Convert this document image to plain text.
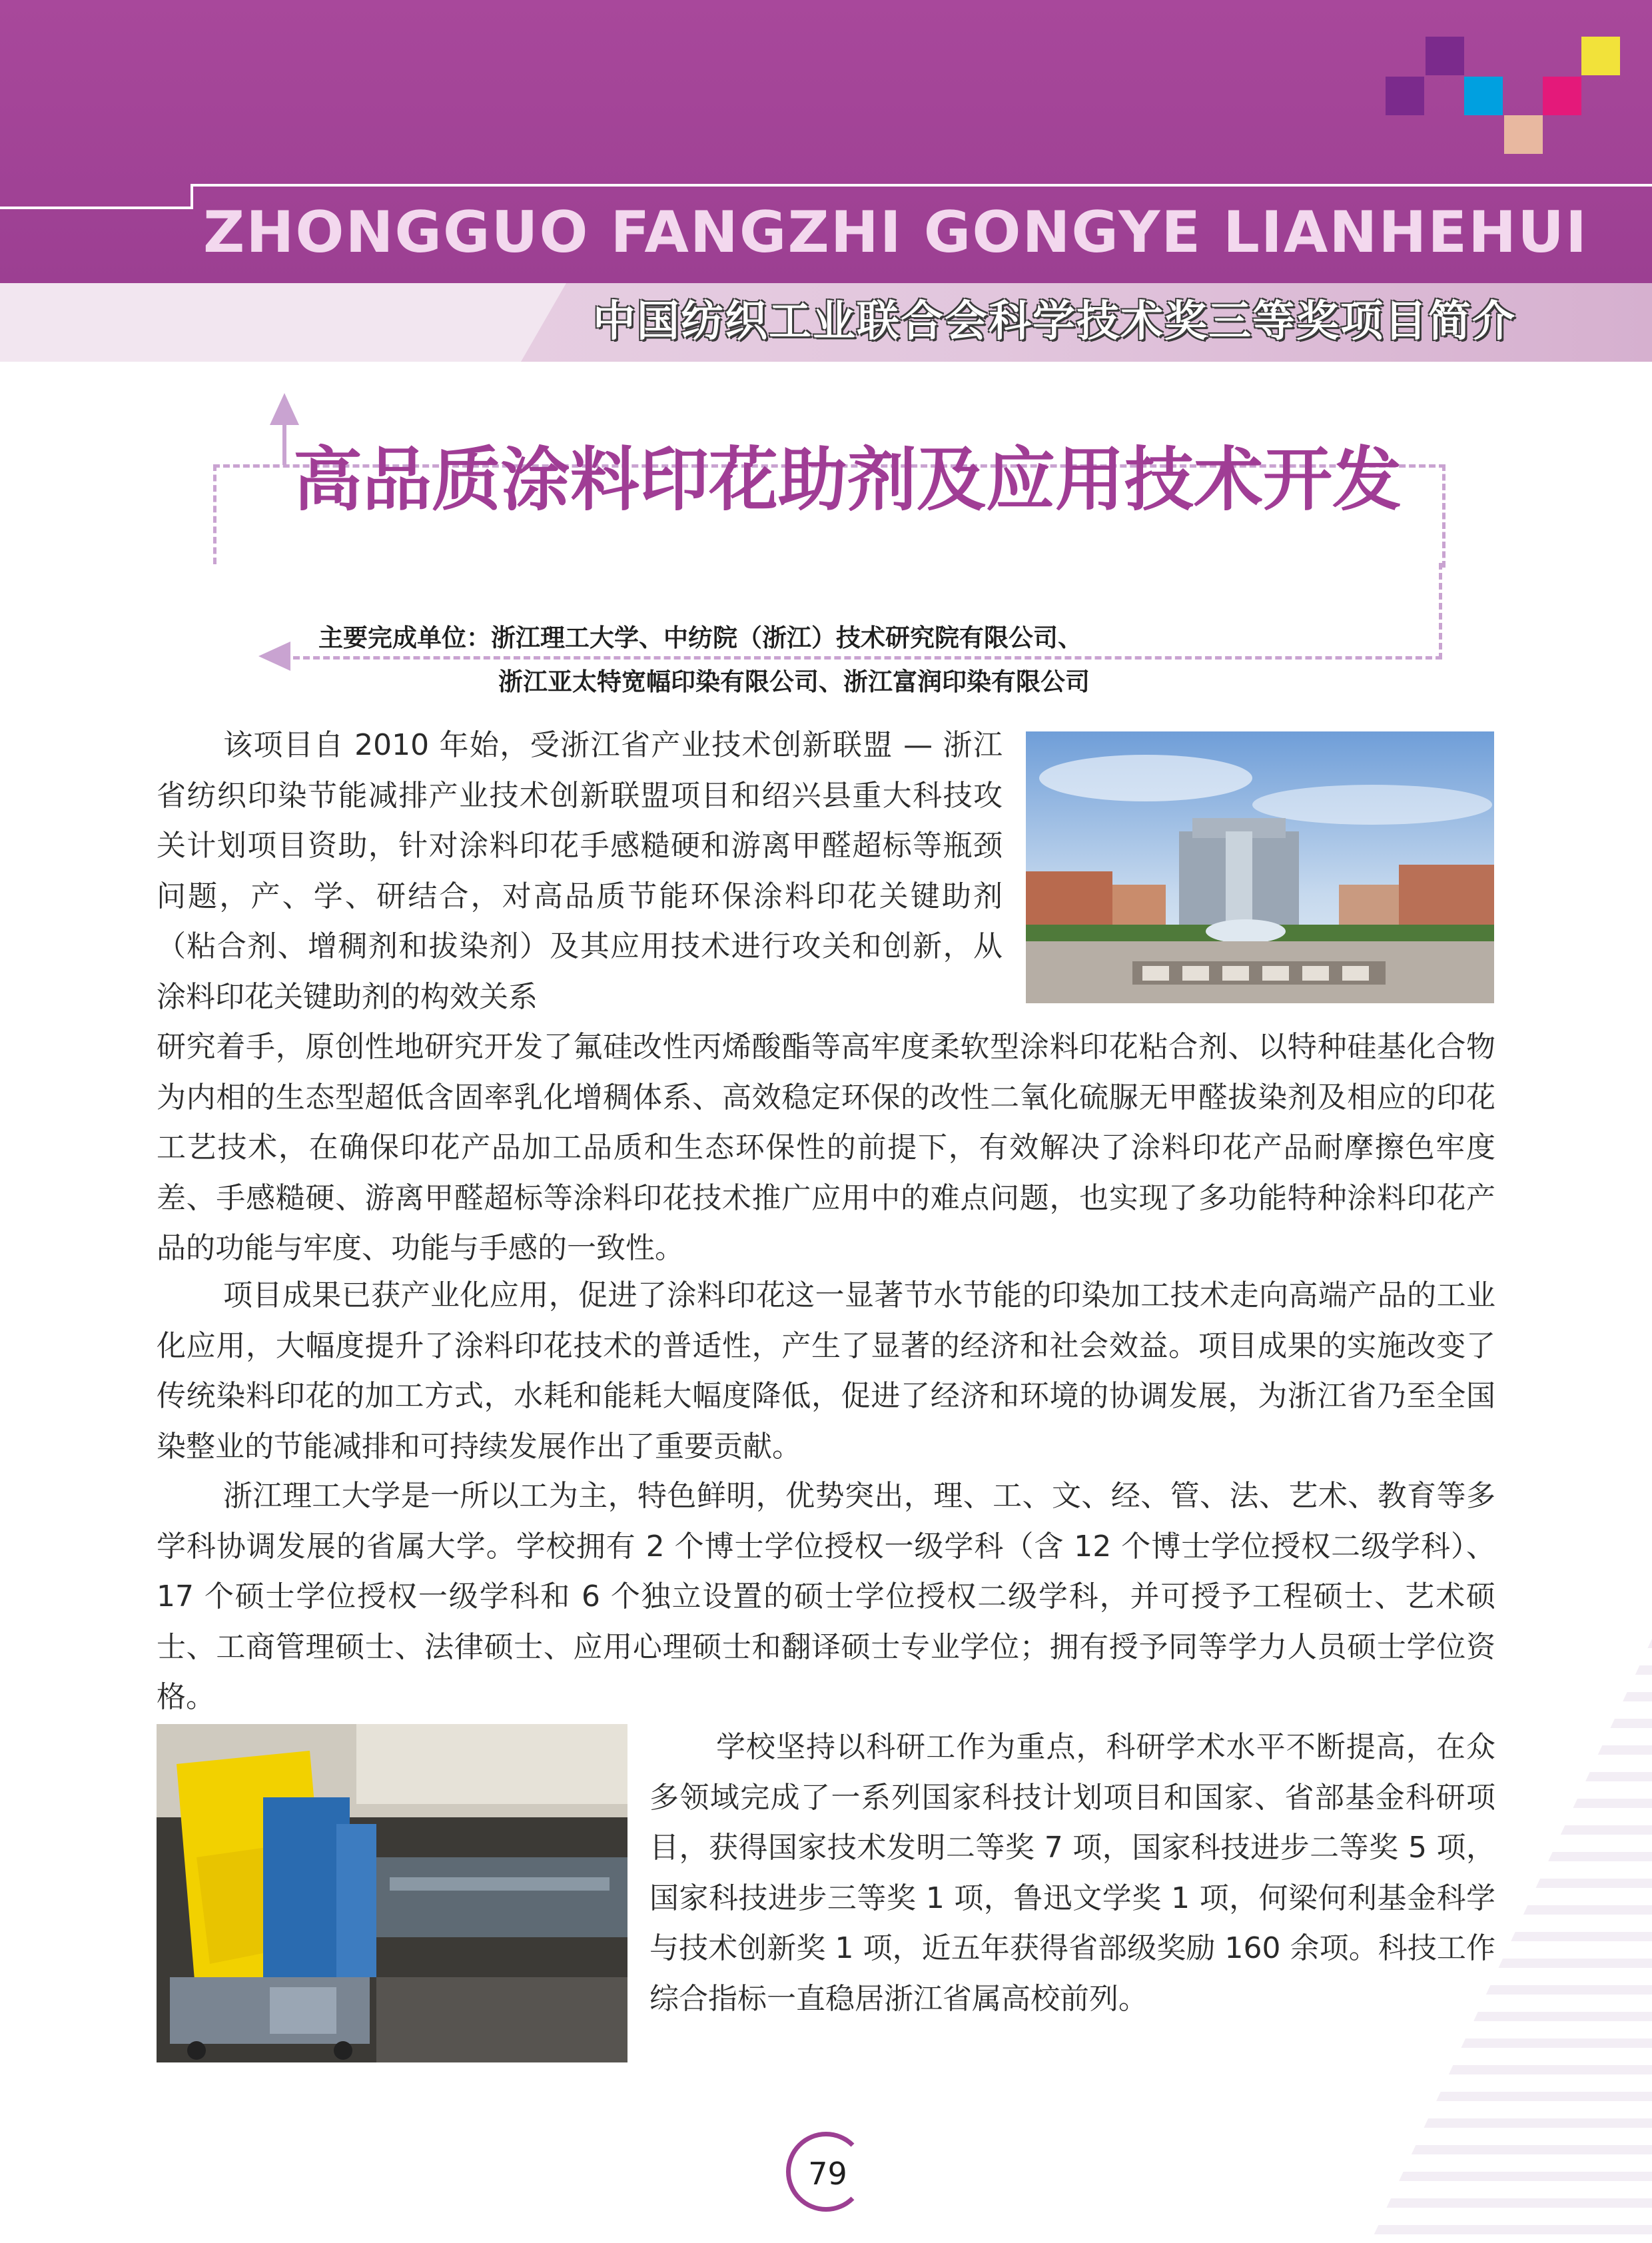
ZHONGGUO FANGZHI GONGYE LIANHEHUI
中国纺织工业联合会科学技术奖三等奖项目简介
高品质涂料印花助剂及应用技术开发
主要完成单位：浙江理工大学、中纺院（浙江）技术研究院有限公司、
浙江亚太特宽幅印染有限公司、浙江富润印染有限公司

该项目自 2010 年始，受浙江省产业技术创新联盟 — 浙江省纺织印染节能减排产业技术创新联盟项目和绍兴县重大科技攻关计划项目资助，针对涂料印花手感糙硬和游离甲醛超标等瓶颈问题，产、学、研结合，对高品质节能环保涂料印花关键助剂（粘合剂、增稠剂和拔染剂）及其应用技术进行攻关和创新，从涂料印花关键助剂的构效关系

研究着手，原创性地研究开发了氟硅改性丙烯酸酯等高牢度柔软型涂料印花粘合剂、以特种硅基化合物为内相的生态型超低含固率乳化增稠体系、高效稳定环保的改性二氧化硫脲无甲醛拔染剂及相应的印花工艺技术，在确保印花产品加工品质和生态环保性的前提下，有效解决了涂料印花产品耐摩擦色牢度差、手感糙硬、游离甲醛超标等涂料印花技术推广应用中的难点问题，也实现了多功能特种涂料印花产品的功能与牢度、功能与手感的一致性。

项目成果已获产业化应用，促进了涂料印花这一显著节水节能的印染加工技术走向高端产品的工业化应用，大幅度提升了涂料印花技术的普适性，产生了显著的经济和社会效益。项目成果的实施改变了传统染料印花的加工方式，水耗和能耗大幅度降低，促进了经济和环境的协调发展，为浙江省乃至全国染整业的节能减排和可持续发展作出了重要贡献。

浙江理工大学是一所以工为主，特色鲜明，优势突出，理、工、文、经、管、法、艺术、教育等多学科协调发展的省属大学。学校拥有 2 个博士学位授权一级学科（含 12 个博士学位授权二级学科）、17 个硕士学位授权一级学科和 6 个独立设置的硕士学位授权二级学科，并可授予工程硕士、艺术硕士、工商管理硕士、法律硕士、应用心理硕士和翻译硕士专业学位；拥有授予同等学力人员硕士学位资格。

学校坚持以科研工作为重点，科研学术水平不断提高，在众多领域完成了一系列国家科技计划项目和国家、省部基金科研项目，获得国家技术发明二等奖 7 项，国家科技进步二等奖 5 项，国家科技进步三等奖 1 项，鲁迅文学奖 1 项，何梁何利基金科学与技术创新奖 1 项，近五年获得省部级奖励 160 余项。科技工作综合指标一直稳居浙江省属高校前列。

79
